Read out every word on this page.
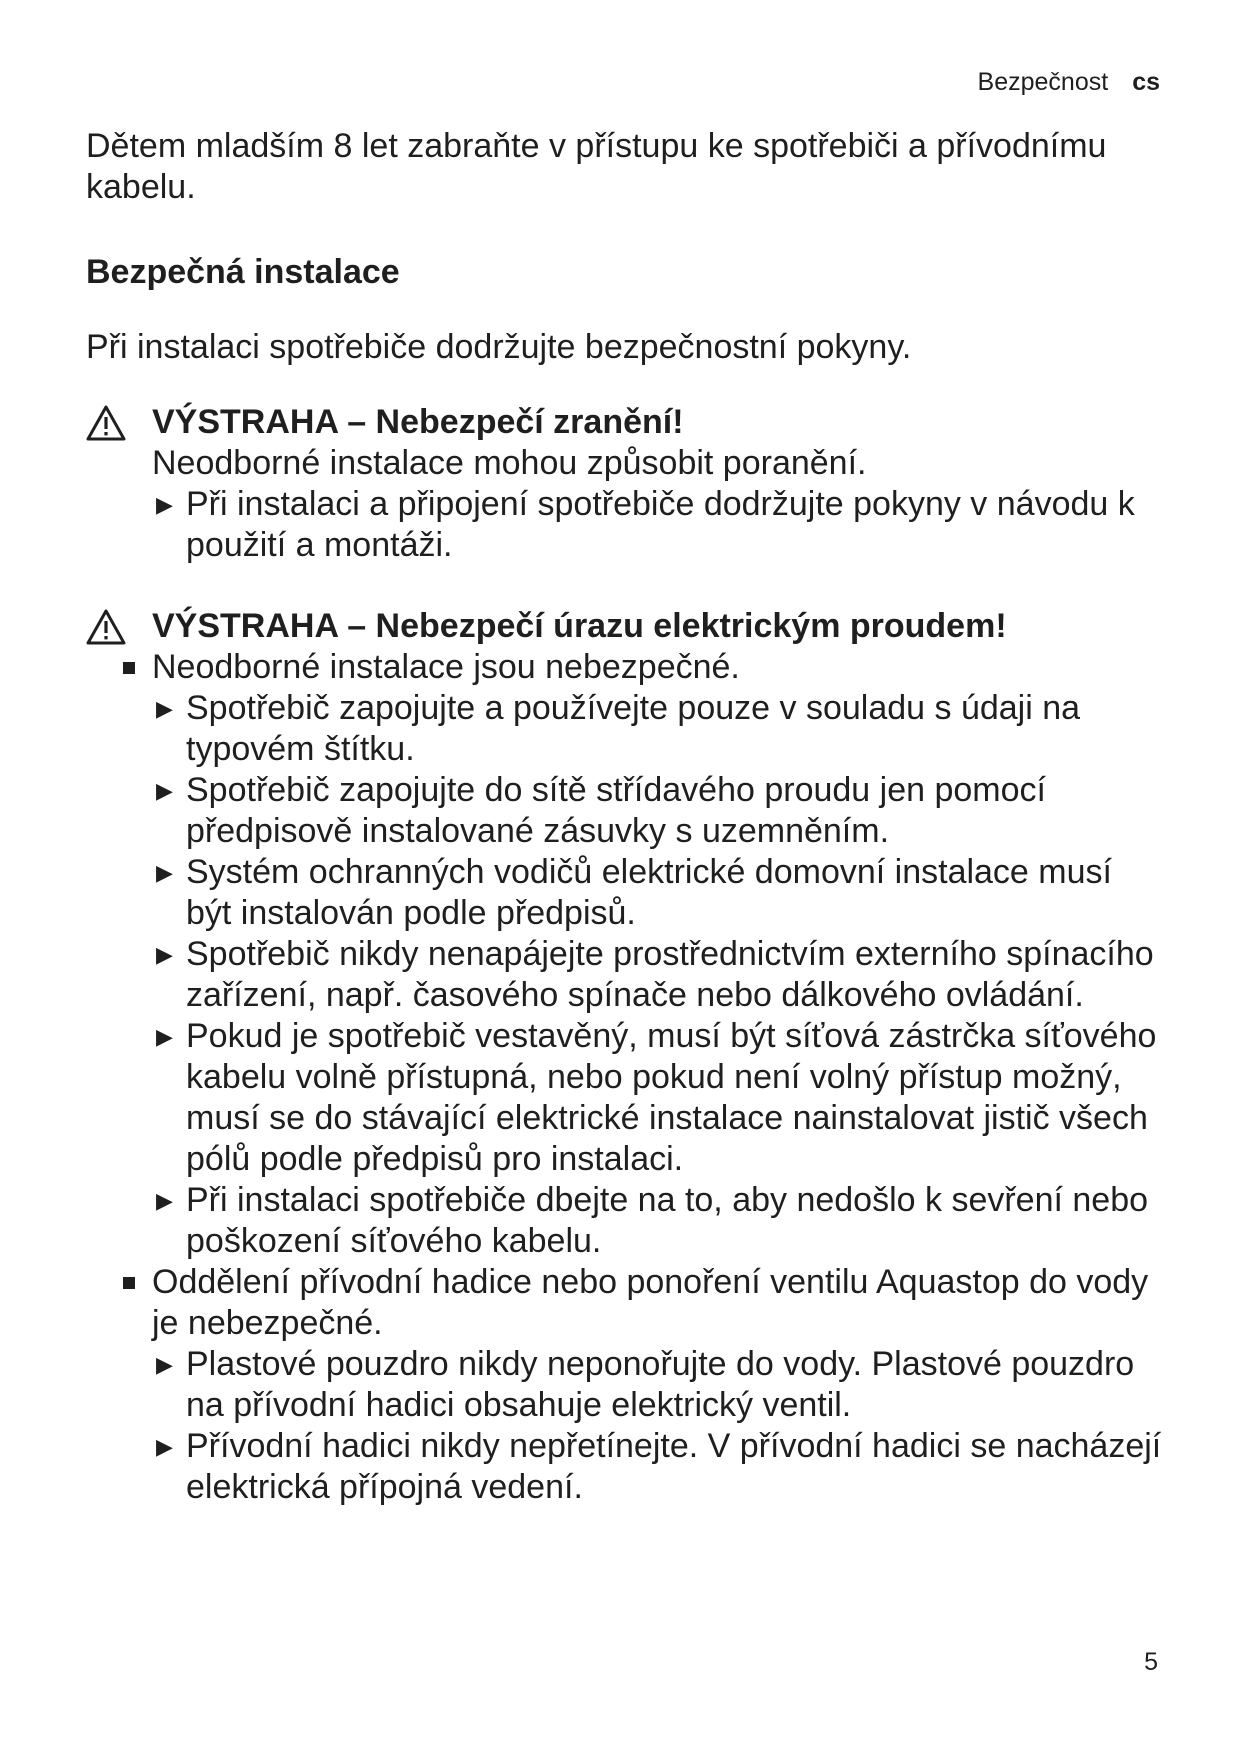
Bezpečnost cs

Dětem mladším 8 let zabraňte v přístupu ke spotřebiči a přívodnímu kabelu.

Bezpečná instalace

Při instalaci spotřebiče dodržujte bezpečnostní pokyny.

VÝSTRAHA – Nebezpečí zranění!
Neodborné instalace mohou způsobit poranění.
▶ Při instalaci a připojení spotřebiče dodržujte pokyny v návodu k použití a montáži.
VÝSTRAHA – Nebezpečí úrazu elektrickým proudem!
Neodborné instalace jsou nebezpečné.
▶ Spotřebič zapojujte a používejte pouze v souladu s údaji na typovém štítku.
▶ Spotřebič zapojujte do sítě střídavého proudu jen pomocí předpisově instalované zásuvky s uzemněním.
▶ Systém ochranných vodičů elektrické domovní instalace musí být instalován podle předpisů.
▶ Spotřebič nikdy nenapájejte prostřednictvím externího spínacího zařízení, např. časového spínače nebo dálkového ovládání.
▶ Pokud je spotřebič vestavěný, musí být síťová zástrčka síťového kabelu volně přístupná, nebo pokud není volný přístup možný, musí se do stávající elektrické instalace nainstalovat jistič všech pólů podle předpisů pro instalaci.
▶ Při instalaci spotřebiče dbejte na to, aby nedošlo k sevření nebo poškození síťového kabelu.
Oddělení přívodní hadice nebo ponoření ventilu Aquastop do vody je nebezpečné.
▶ Plastové pouzdro nikdy neponořujte do vody. Plastové pouzdro na přívodní hadici obsahuje elektrický ventil.
▶ Přívodní hadici nikdy nepřetínejte. V přívodní hadici se nacházejí elektrická přípojná vedení.
5
